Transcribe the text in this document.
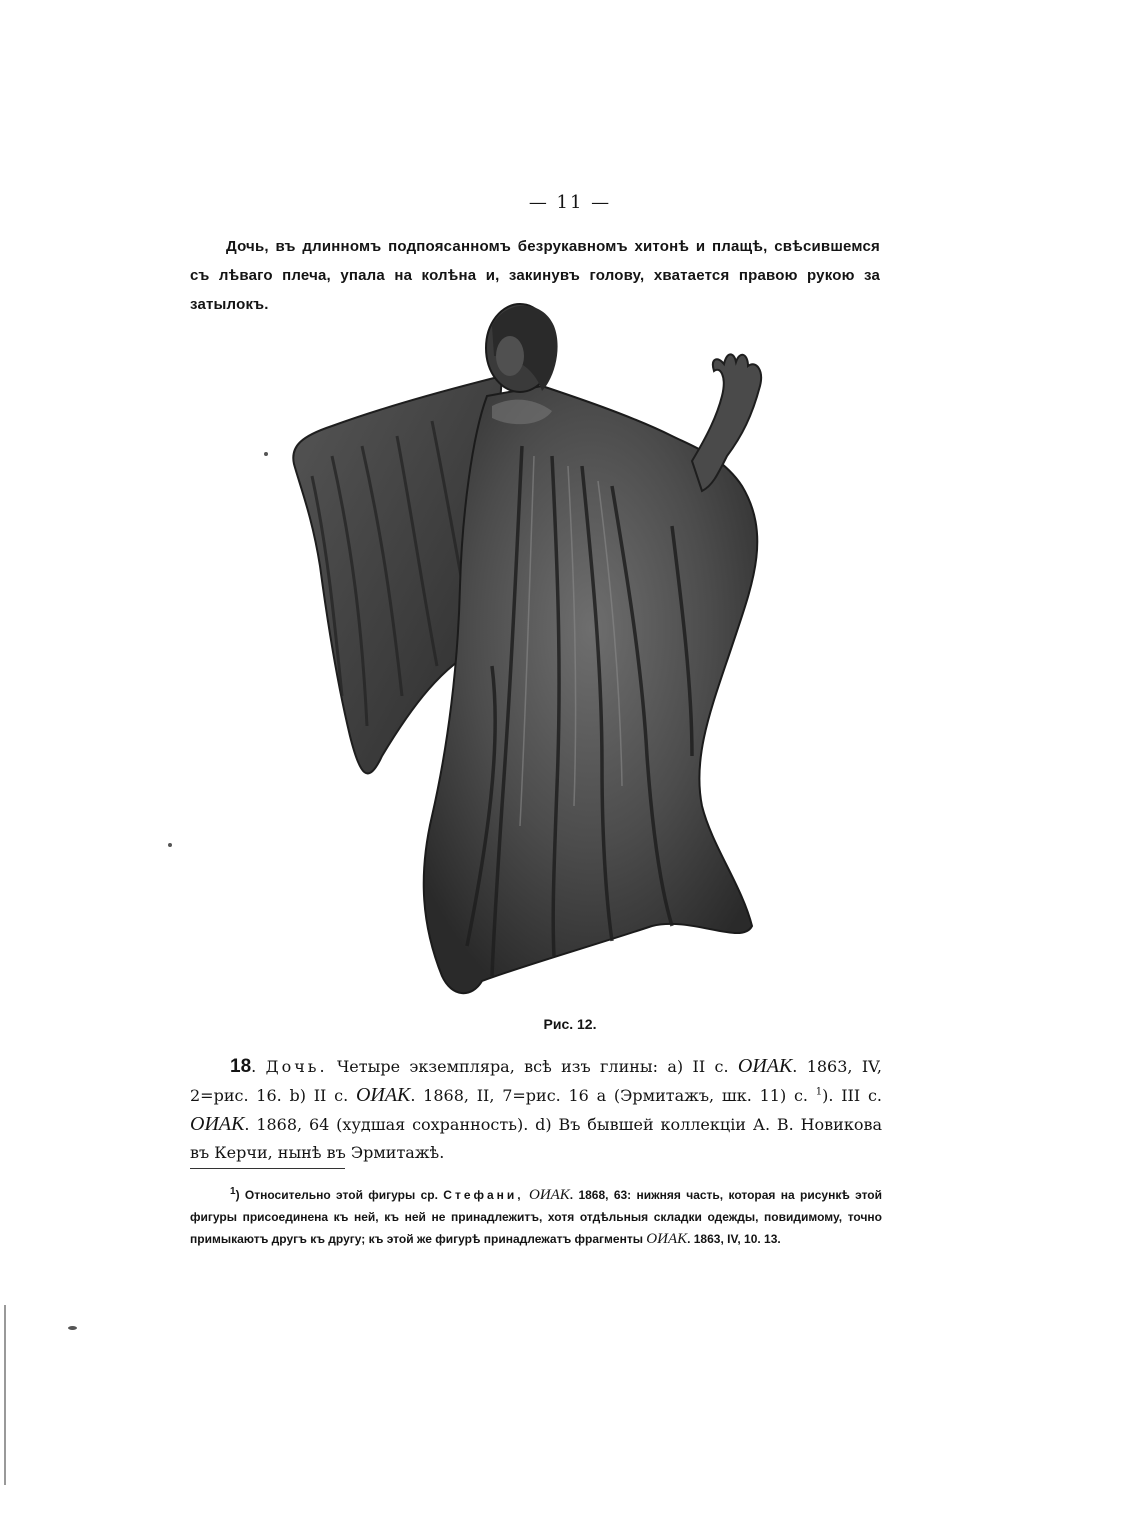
— 11 —
Дочь, въ длинномъ подпоясанномъ безрукавномъ хитонѣ и плащѣ, свѣсившемся съ лѣваго плеча, упала на колѣна и, закинувъ голову, хватается правою рукою за затылокъ.
Рис. 12.
18. Дочь. Четыре экземпляра, всѣ изъ глины: a) II с. ОИАК. 1863, IV, 2=рис. 16. b) II с. ОИАК. 1868, II, 7=рис. 16 a (Эрмитажъ, шк. 11) c. $^1$). III с. ОИАК. 1868, 64 (худшая сохранность). d) Въ бывшей коллекціи А. В. Новикова въ Керчи, нынѣ въ Эрмитажѣ.
$^1$) Относительно этой фигуры ср. Стефани, ОИАК. 1868, 63: нижняя часть, которая на рисункѣ этой фигуры присоединена къ ней, къ ней не принадлежитъ, хотя отдѣльныя складки одежды, повидимому, точно примыкаютъ другъ къ другу; къ этой же фигурѣ принадлежатъ фрагменты ОИАК. 1863, IV, 10. 13.
